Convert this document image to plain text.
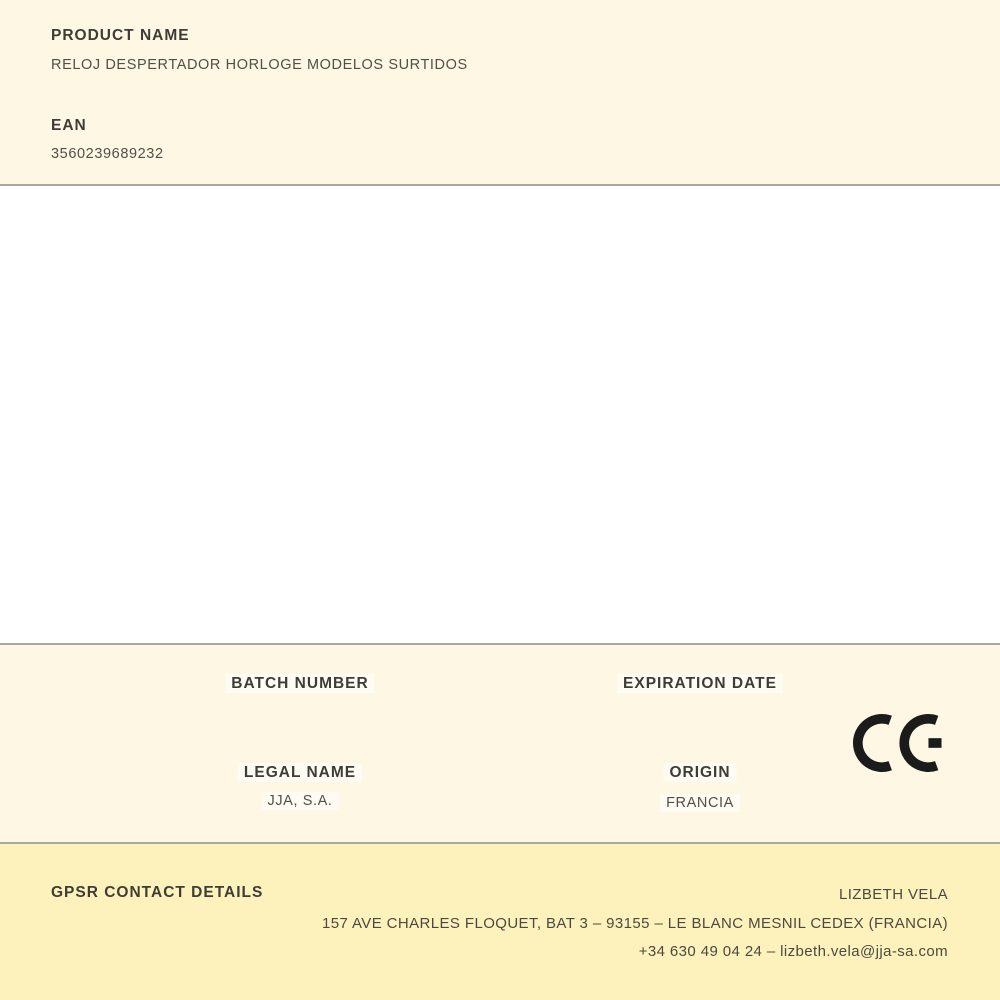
PRODUCT NAME
RELOJ DESPERTADOR HORLOGE MODELOS SURTIDOS
EAN
3560239689232
BATCH NUMBER	EXPIRATION DATE
LEGAL NAME
JJA, S.A.
ORIGIN
FRANCIA
GPSR CONTACT DETAILS	LIZBETH VELA
157 AVE CHARLES FLOQUET, BAT 3 – 93155 – LE BLANC MESNIL CEDEX (FRANCIA)
+34 630 49 04 24 – lizbeth.vela@jja-sa.com
